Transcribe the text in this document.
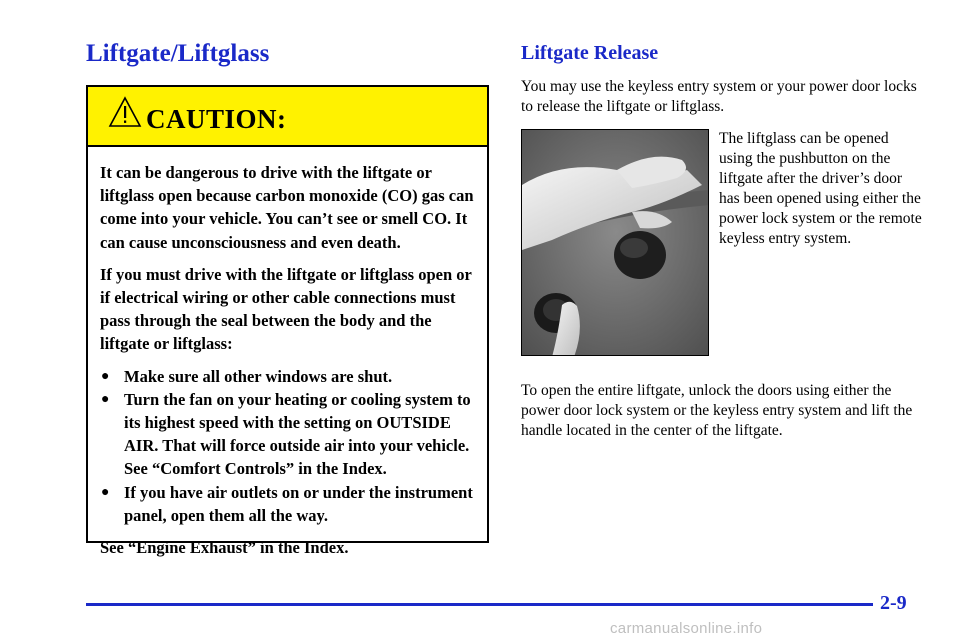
Liftgate/Liftglass
CAUTION:

It can be dangerous to drive with the liftgate or liftglass open because carbon monoxide (CO) gas can come into your vehicle. You can’t see or smell CO. It can cause unconsciousness and even death.

If you must drive with the liftgate or liftglass open or if electrical wiring or other cable connections must pass through the seal between the body and the liftgate or liftglass:

● Make sure all other windows are shut.
● Turn the fan on your heating or cooling system to its highest speed with the setting on OUTSIDE AIR. That will force outside air into your vehicle. See “Comfort Controls” in the Index.
● If you have air outlets on or under the instrument panel, open them all the way.

See “Engine Exhaust” in the Index.

Liftgate Release

You may use the keyless entry system or your power door locks to release the liftgate or liftglass.

The liftglass can be opened using the pushbutton on the liftgate after the driver’s door has been opened using either the power lock system or the remote keyless entry system.

To open the entire liftgate, unlock the doors using either the power door lock system or the keyless entry system and lift the handle located in the center of the liftgate.

2-9
carmanualsonline.info
